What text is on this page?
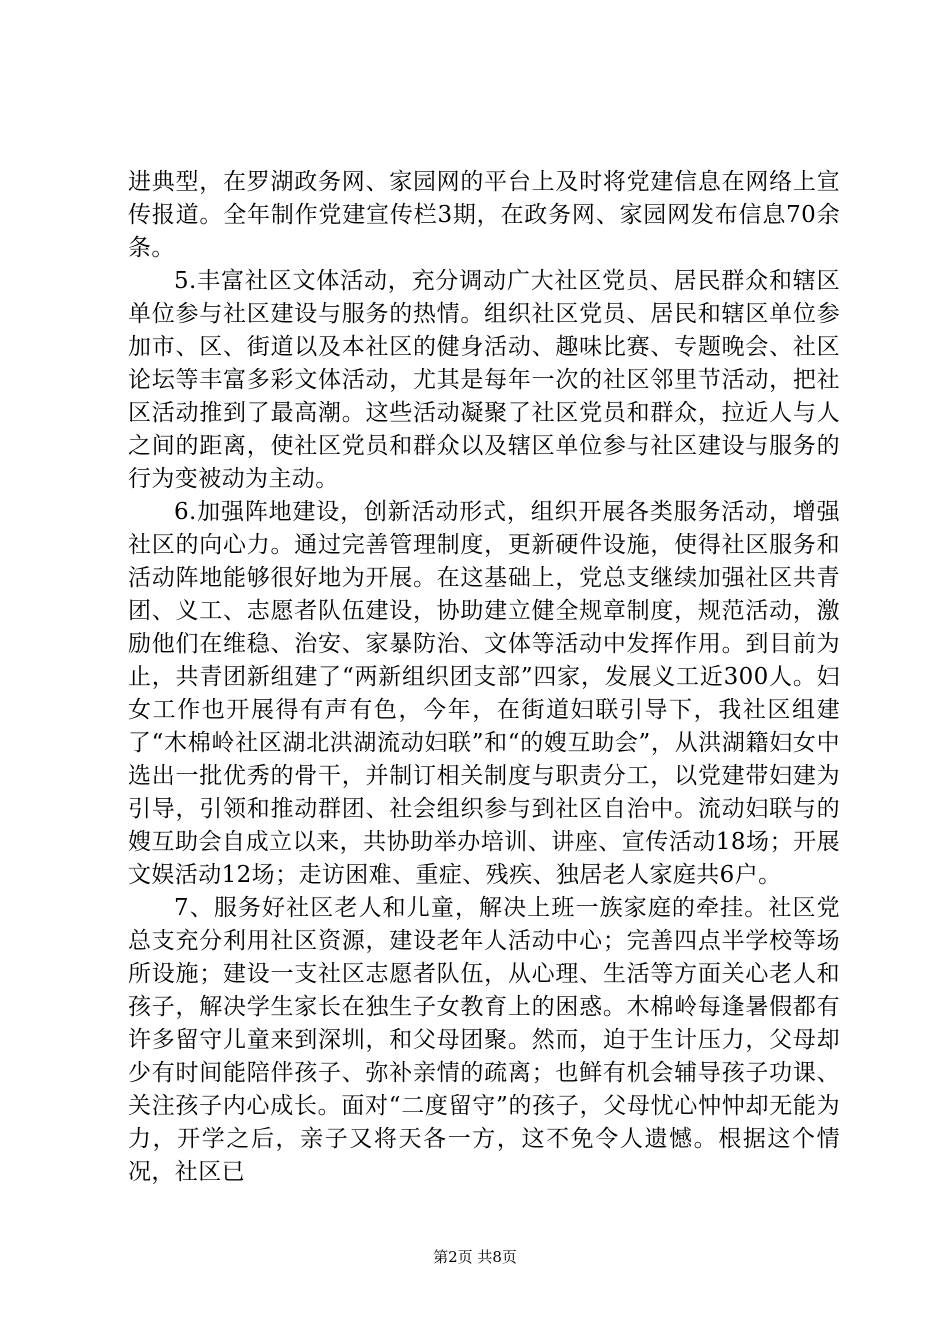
进典型，在罗湖政务网、家园网的平台上及时将党建信息在网络上宣传报道。全年制作党建宣传栏3期，在政务网、家园网发布信息70余条。

5.丰富社区文体活动，充分调动广大社区党员、居民群众和辖区单位参与社区建设与服务的热情。组织社区党员、居民和辖区单位参加市、区、街道以及本社区的健身活动、趣味比赛、专题晚会、社区论坛等丰富多彩文体活动，尤其是每年一次的社区邻里节活动，把社区活动推到了最高潮。这些活动凝聚了社区党员和群众，拉近人与人之间的距离，使社区党员和群众以及辖区单位参与社区建设与服务的行为变被动为主动。

6.加强阵地建设，创新活动形式，组织开展各类服务活动，增强社区的向心力。通过完善管理制度，更新硬件设施，使得社区服务和活动阵地能够很好地为开展。在这基础上，党总支继续加强社区共青团、义工、志愿者队伍建设，协助建立健全规章制度，规范活动，激励他们在维稳、治安、家暴防治、文体等活动中发挥作用。到目前为止，共青团新组建了“两新组织团支部”四家，发展义工近300人。妇女工作也开展得有声有色，今年，在街道妇联引导下，我社区组建了“木棉岭社区湖北洪湖流动妇联”和“的嫂互助会”，从洪湖籍妇女中选出一批优秀的骨干，并制订相关制度与职责分工，以党建带妇建为引导，引领和推动群团、社会组织参与到社区自治中。流动妇联与的嫂互助会自成立以来，共协助举办培训、讲座、宣传活动18场；开展文娱活动12场；走访困难、重症、残疾、独居老人家庭共6户。

7、服务好社区老人和儿童，解决上班一族家庭的牵挂。社区党总支充分利用社区资源，建设老年人活动中心；完善四点半学校等场所设施；建设一支社区志愿者队伍，从心理、生活等方面关心老人和孩子，解决学生家长在独生子女教育上的困惑。木棉岭每逢暑假都有许多留守儿童来到深圳，和父母团聚。然而，迫于生计压力，父母却少有时间能陪伴孩子、弥补亲情的疏离；也鲜有机会辅导孩子功课、关注孩子内心成长。面对“二度留守”的孩子，父母忧心忡忡却无能为力，开学之后，亲子又将天各一方，这不免令人遗憾。根据这个情况，社区已

第2页 共8页
